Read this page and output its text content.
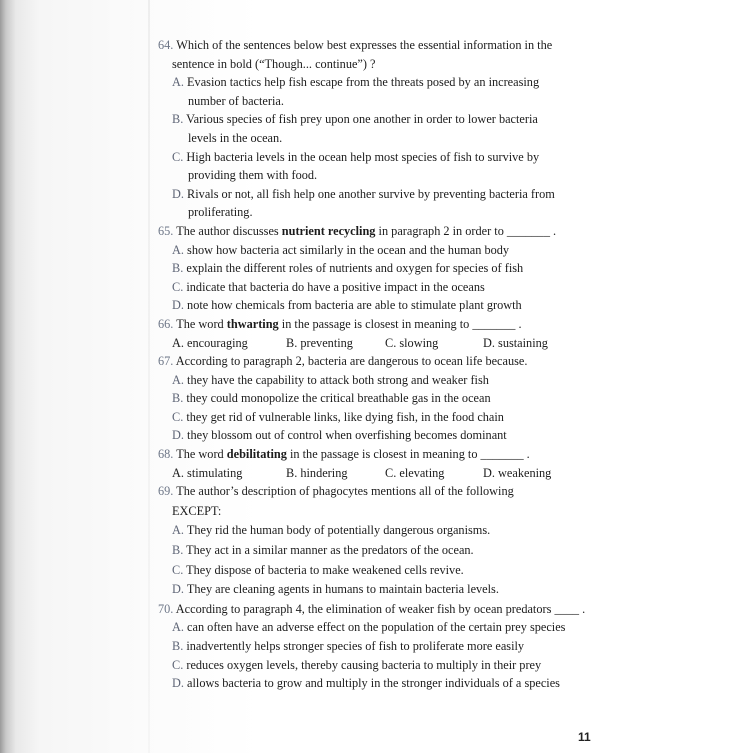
64. Which of the sentences below best expresses the essential information in the
sentence in bold (“Though... continue”) ?
A. Evasion tactics help fish escape from the threats posed by an increasing
number of bacteria.
B. Various species of fish prey upon one another in order to lower bacteria
levels in the ocean.
C. High bacteria levels in the ocean help most species of fish to survive by
providing them with food.
D. Rivals or not, all fish help one another survive by preventing bacteria from
proliferating.
65. The author discusses nutrient recycling in paragraph 2 in order to _______ .
A. show how bacteria act similarly in the ocean and the human body
B. explain the different roles of nutrients and oxygen for species of fish
C. indicate that bacteria do have a positive impact in the oceans
D. note how chemicals from bacteria are able to stimulate plant growth
66. The word thwarting in the passage is closest in meaning to _______ .
A. encouraging	B. preventing	C. slowing	D. sustaining
67. According to paragraph 2, bacteria are dangerous to ocean life because.
A. they have the capability to attack both strong and weaker fish
B. they could monopolize the critical breathable gas in the ocean
C. they get rid of vulnerable links, like dying fish, in the food chain
D. they blossom out of control when overfishing becomes dominant
68. The word debilitating in the passage is closest in meaning to _______ .
A. stimulating	B. hindering	C. elevating	D. weakening
69. The author’s description of phagocytes mentions all of the following
EXCEPT:
A. They rid the human body of potentially dangerous organisms.
B. They act in a similar manner as the predators of the ocean.
C. They dispose of bacteria to make weakened cells revive.
D. They are cleaning agents in humans to maintain bacteria levels.
70. According to paragraph 4, the elimination of weaker fish by ocean predators ____ .
A. can often have an adverse effect on the population of the certain prey species
B. inadvertently helps stronger species of fish to proliferate more easily
C. reduces oxygen levels, thereby causing bacteria to multiply in their prey
D. allows bacteria to grow and multiply in the stronger individuals of a species
11
